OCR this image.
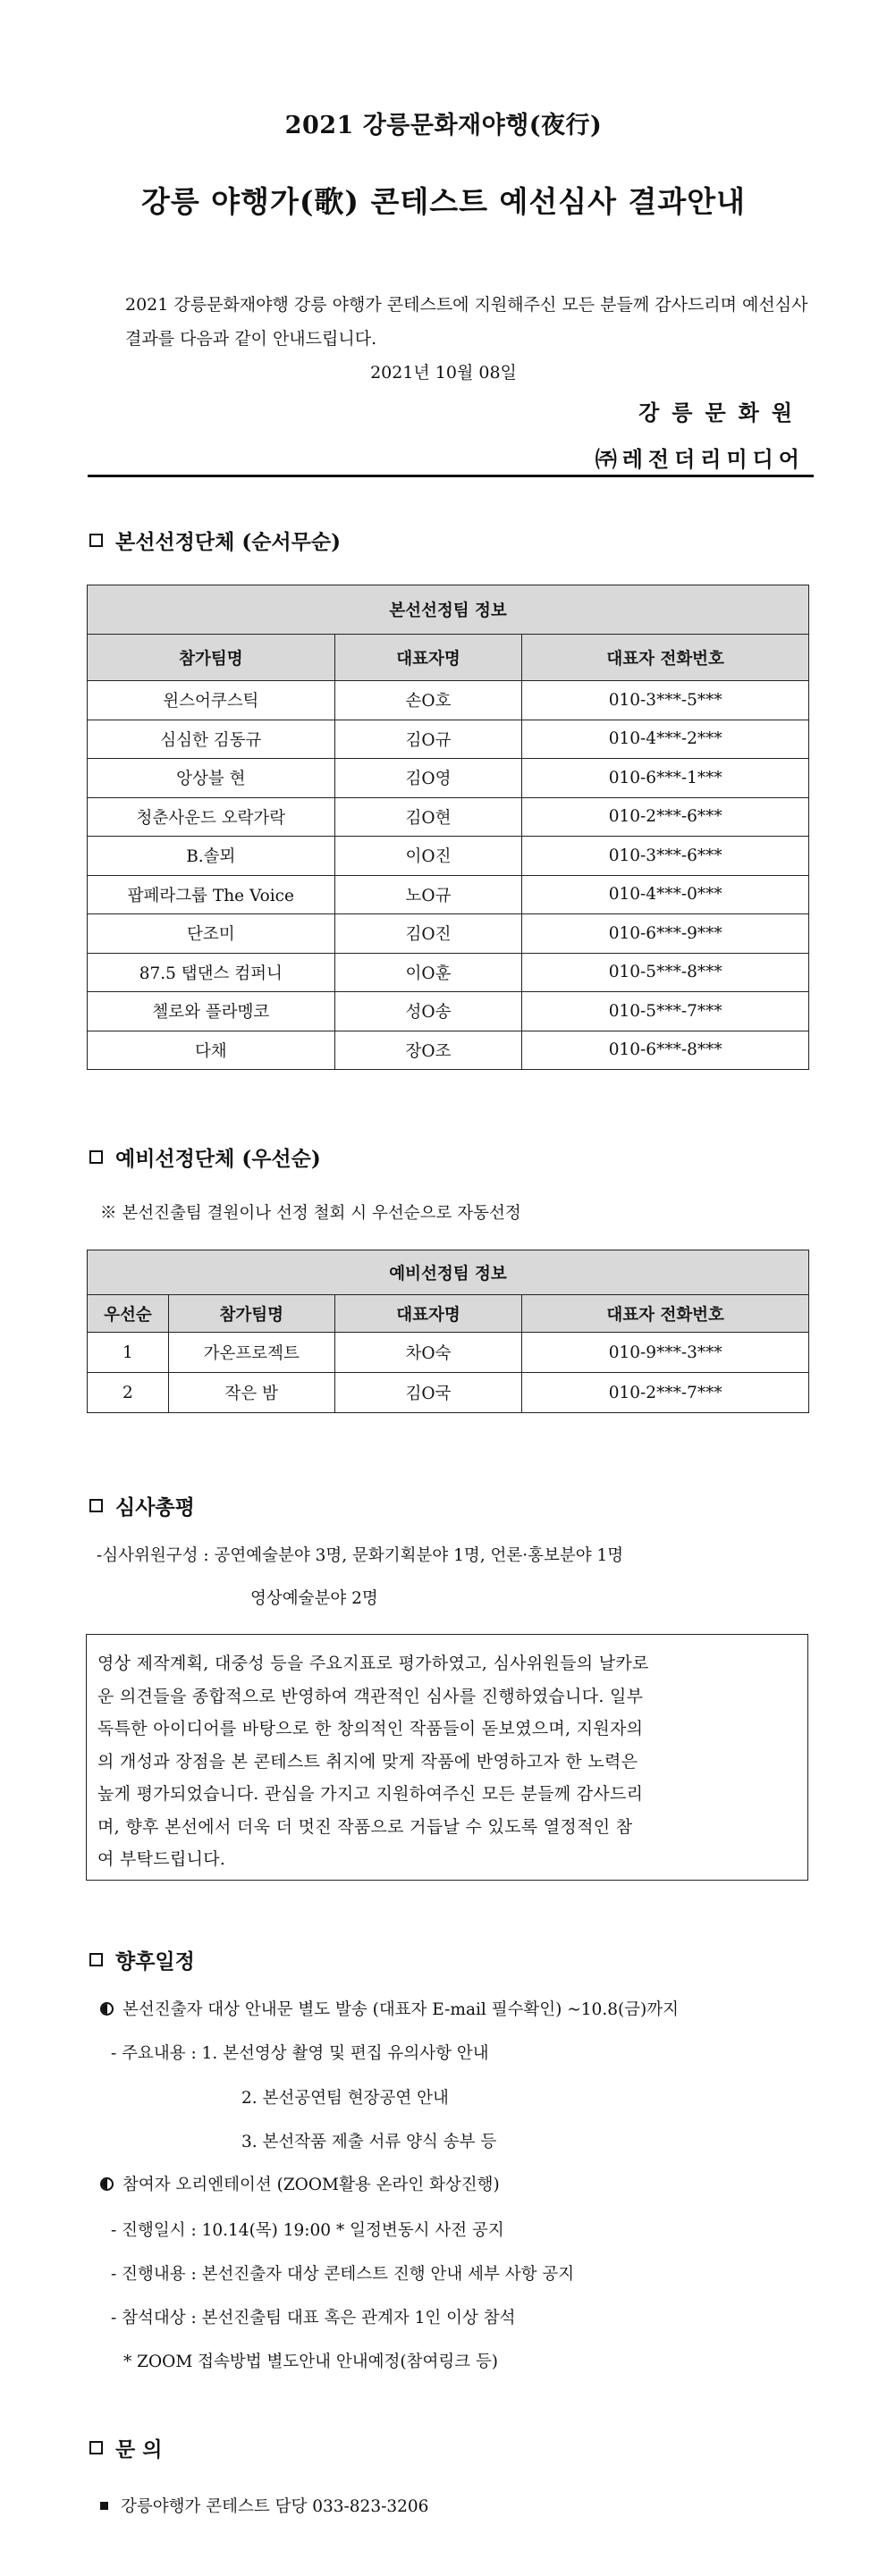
2021 강릉문화재야행(夜行)
강릉 야행가(歌) 콘테스트 예선심사 결과안내
2021 강릉문화재야행 강릉 야행가 콘테스트에 지원해주신 모든 분들께 감사드리며 예선심사 결과를 다음과 같이 안내드립니다.
2021년 10월 08일
강릉문화원
㈜레전더리미디어
본선선정단체 (순서무순)
본선선정팀 정보		
참가팀명	대표자명	대표자 전화번호
윈스어쿠스틱	손O호	010-3***-5***
심심한 김동규	김O규	010-4***-2***
앙상블 현	김O영	010-6***-1***
청춘사운드 오락가락	김O현	010-2***-6***
B.솔뫼	이O진	010-3***-6***
팝페라그룹 The Voice	노O규	010-4***-0***
단조미	김O진	010-6***-9***
87.5 탭댄스 컴퍼니	이O훈	010-5***-8***
첼로와 플라멩코	성O송	010-5***-7***
다채	장O조	010-6***-8***
예비선정단체 (우선순)
※ 본선진출팀 결원이나 선정 철회 시 우선순으로 자동선정
예비선정팀 정보			
우선순	참가팀명	대표자명	대표자 전화번호
1	가온프로젝트	차O숙	010-9***-3***
2	작은 밤	김O국	010-2***-7***
심사총평
-심사위원구성 : 공연예술분야 3명, 문화기획분야 1명, 언론·홍보분야 1명
영상예술분야 2명
영상 제작계획, 대중성 등을 주요지표로 평가하였고, 심사위원들의 날카로
운 의견들을 종합적으로 반영하여 객관적인 심사를 진행하였습니다. 일부
독특한 아이디어를 바탕으로 한 창의적인 작품들이 돋보였으며, 지원자의
의 개성과 장점을 본 콘테스트 취지에 맞게 작품에 반영하고자 한 노력은
높게 평가되었습니다. 관심을 가지고 지원하여주신 모든 분들께 감사드리
며, 향후 본선에서 더욱 더 멋진 작품으로 거듭날 수 있도록 열정적인 참
여 부탁드립니다.
향후일정
본선진출자 대상 안내문 별도 발송 (대표자 E-mail 필수확인) ~10.8(금)까지
- 주요내용 : 1. 본선영상 촬영 및 편집 유의사항 안내
2. 본선공연팀 현장공연 안내
3. 본선작품 제출 서류 양식 송부 등
참여자 오리엔테이션 (ZOOM활용 온라인 화상진행)
- 진행일시 : 10.14(목) 19:00 * 일정변동시 사전 공지
- 진행내용 : 본선진출자 대상 콘테스트 진행 안내 세부 사항 공지
- 참석대상 : 본선진출팀 대표 혹은 관계자 1인 이상 참석
* ZOOM 접속방법 별도안내 안내예정(참여링크 등)
문 의
강릉야행가 콘테스트 담당 033-823-3206
